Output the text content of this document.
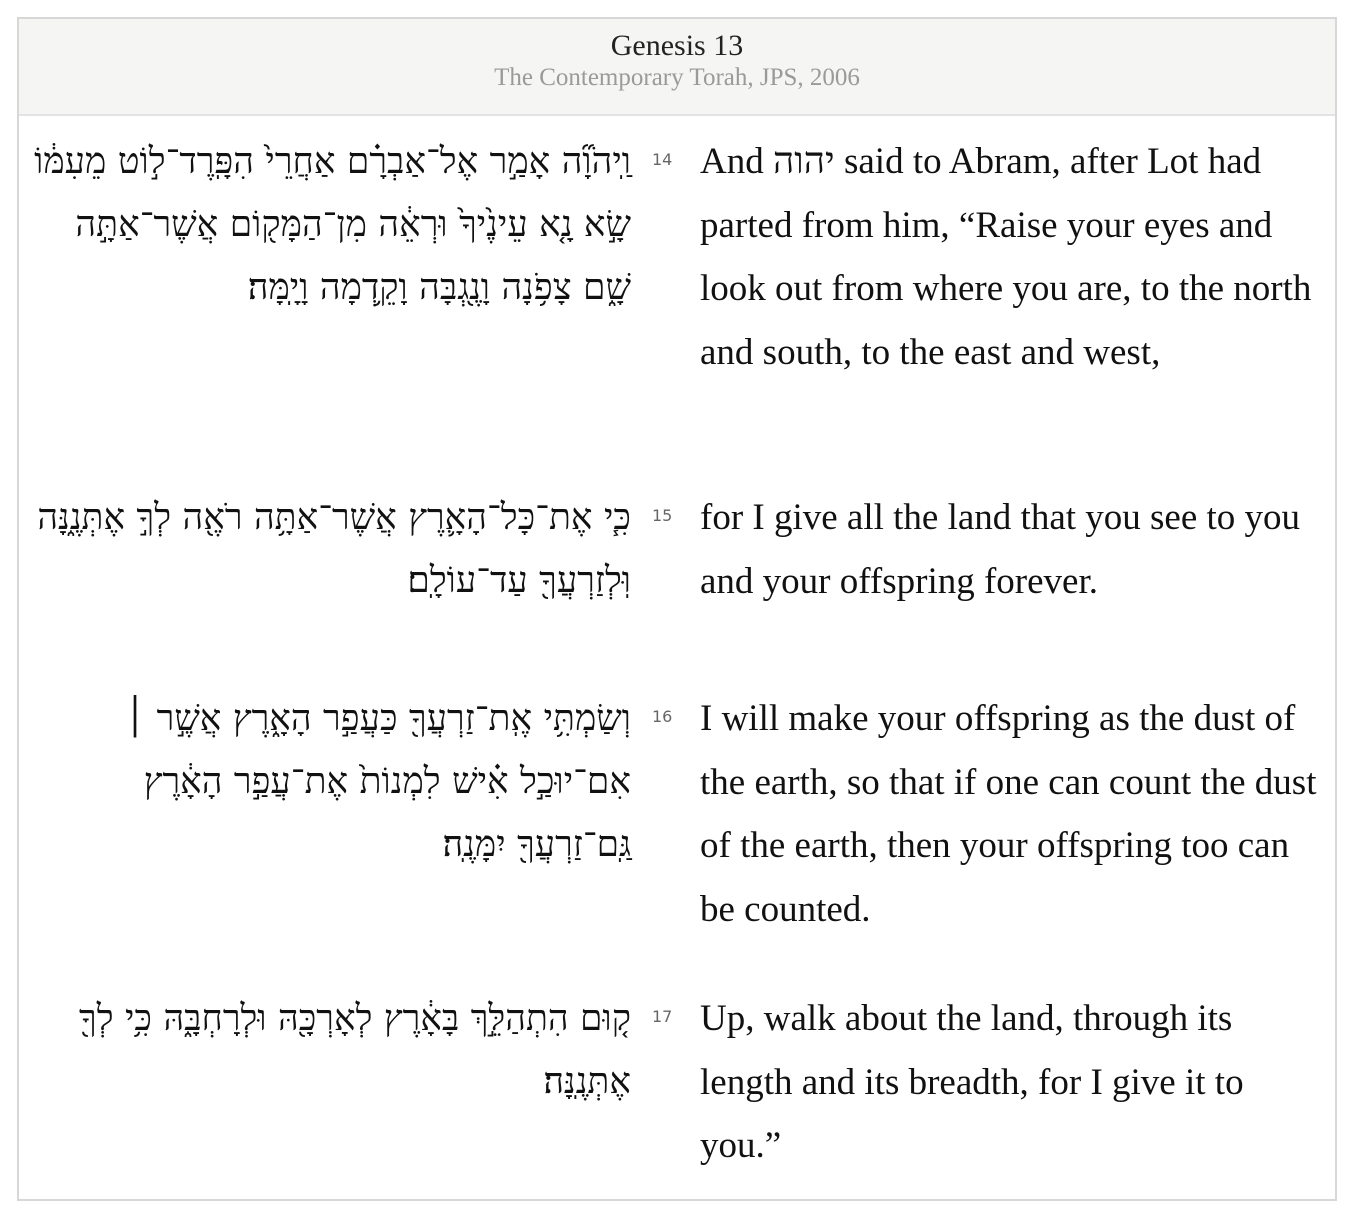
Genesis 13
The Contemporary Torah, JPS, 2006
וַֽיהֹוָ֞ה אָמַ֣ר אֶל־אַבְרָ֗ם אַחֲרֵי֙ הִפָּֽרֶד־ל֣וֹט מֵעִמּ֔וֹ שָׂ֣א נָ֤א עֵינֶ֙יךָ֙ וּרְאֵ֔ה מִן־הַמָּק֖וֹם אֲשֶׁר־אַתָּ֣ה שָׁ֑ם צָפֹ֥נָה וָנֶ֖גְבָּה וָקֵ֥דְמָה וָיָֽמָּה׃
14 And יהוה said to Abram, after Lot had parted from him, “Raise your eyes and look out from where you are, to the north and south, to the east and west,
כִּ֧י אֶת־כָּל־הָאָ֛רֶץ אֲשֶׁר־אַתָּ֥ה רֹאֶ֖ה לְךָ֣ אֶתְּנֶ֑נָּה וּֽלְזַרְעֲךָ֖ עַד־עוֹלָֽם׃
15 for I give all the land that you see to you and your offspring forever.
וְשַׂמְתִּ֥י אֶֽת־זַרְעֲךָ֖ כַּעֲפַ֣ר הָאָ֑רֶץ אֲשֶׁ֣ר ׀ אִם־יוּכַ֣ל אִ֗ישׁ לִמְנוֹת֙ אֶת־עֲפַ֣ר הָאָ֔רֶץ גַּֽם־זַרְעֲךָ֖ יִמָּנֶֽה׃
16 I will make your offspring as the dust of the earth, so that if one can count the dust of the earth, then your offspring too can be counted.
ק֚וּם הִתְהַלֵּ֣ךְ בָּאָ֔רֶץ לְאָרְכָּ֖הּ וּלְרָחְבָּ֑הּ כִּ֥י לְךָ֖ אֶתְּנֶֽנָּה׃
17 Up, walk about the land, through its length and its breadth, for I give it to you.”
